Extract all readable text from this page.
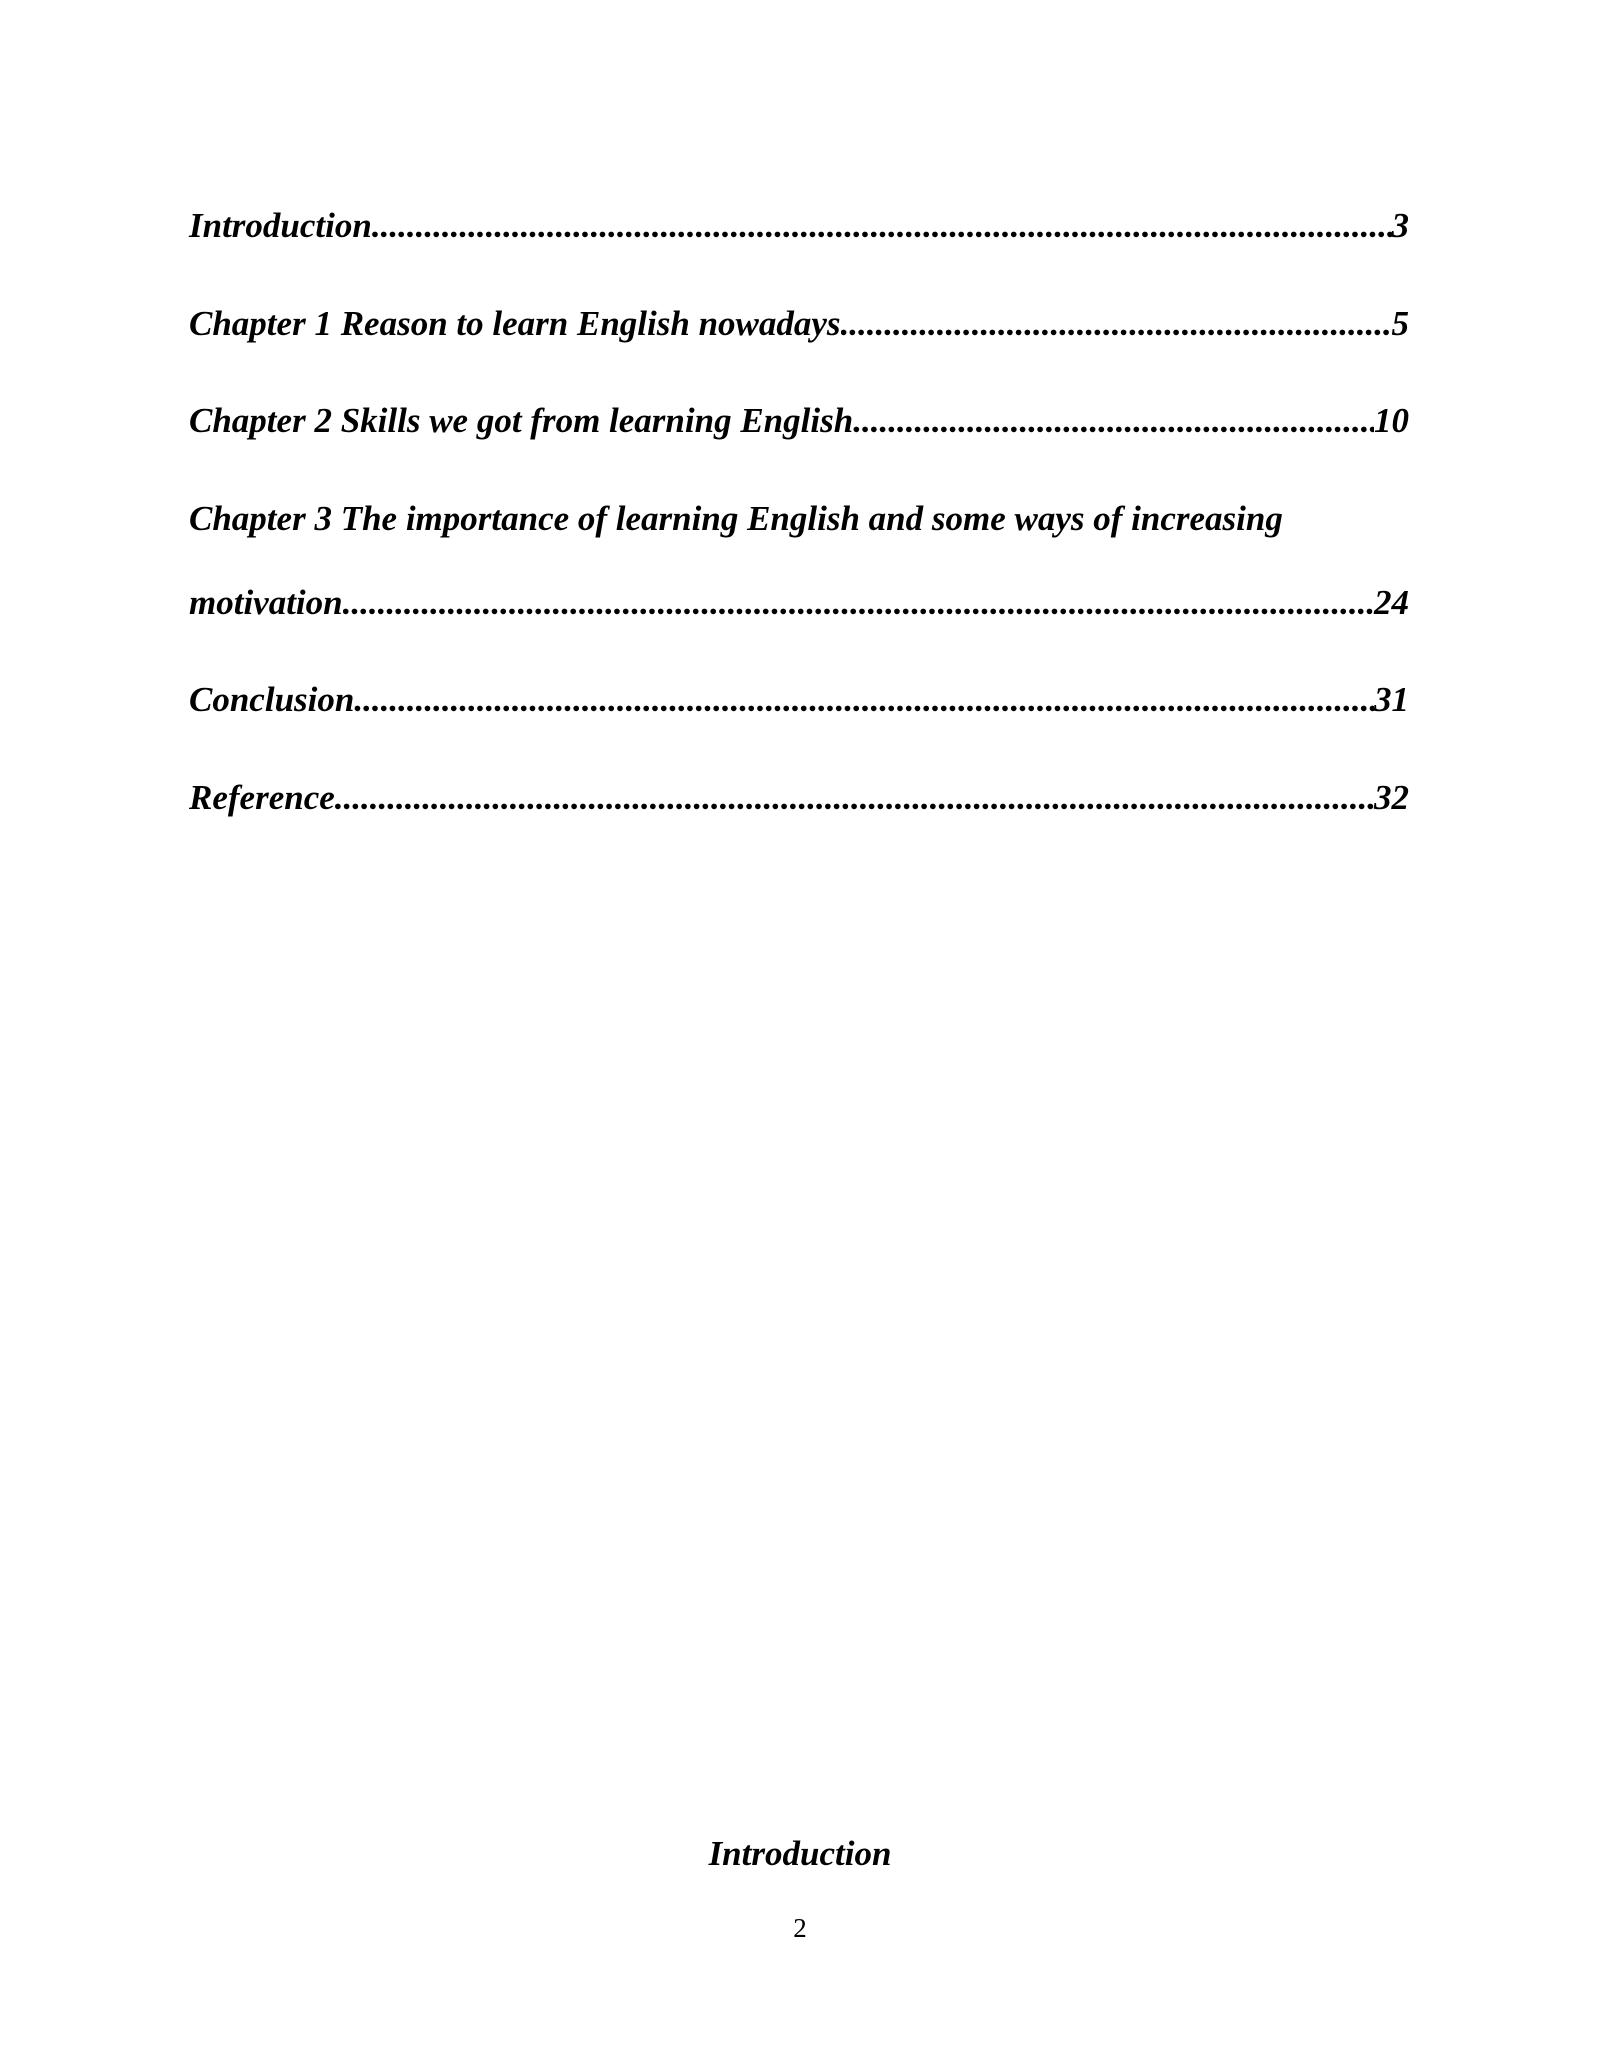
Introduction .....	3
Chapter 1 Reason to learn English nowadays .....	5
Chapter 2 Skills we got from learning English .....	10
Chapter 3 The importance of learning English and some ways of increasing
motivation .....	24
Conclusion .....	31
Reference .....	32
Introduction
2
